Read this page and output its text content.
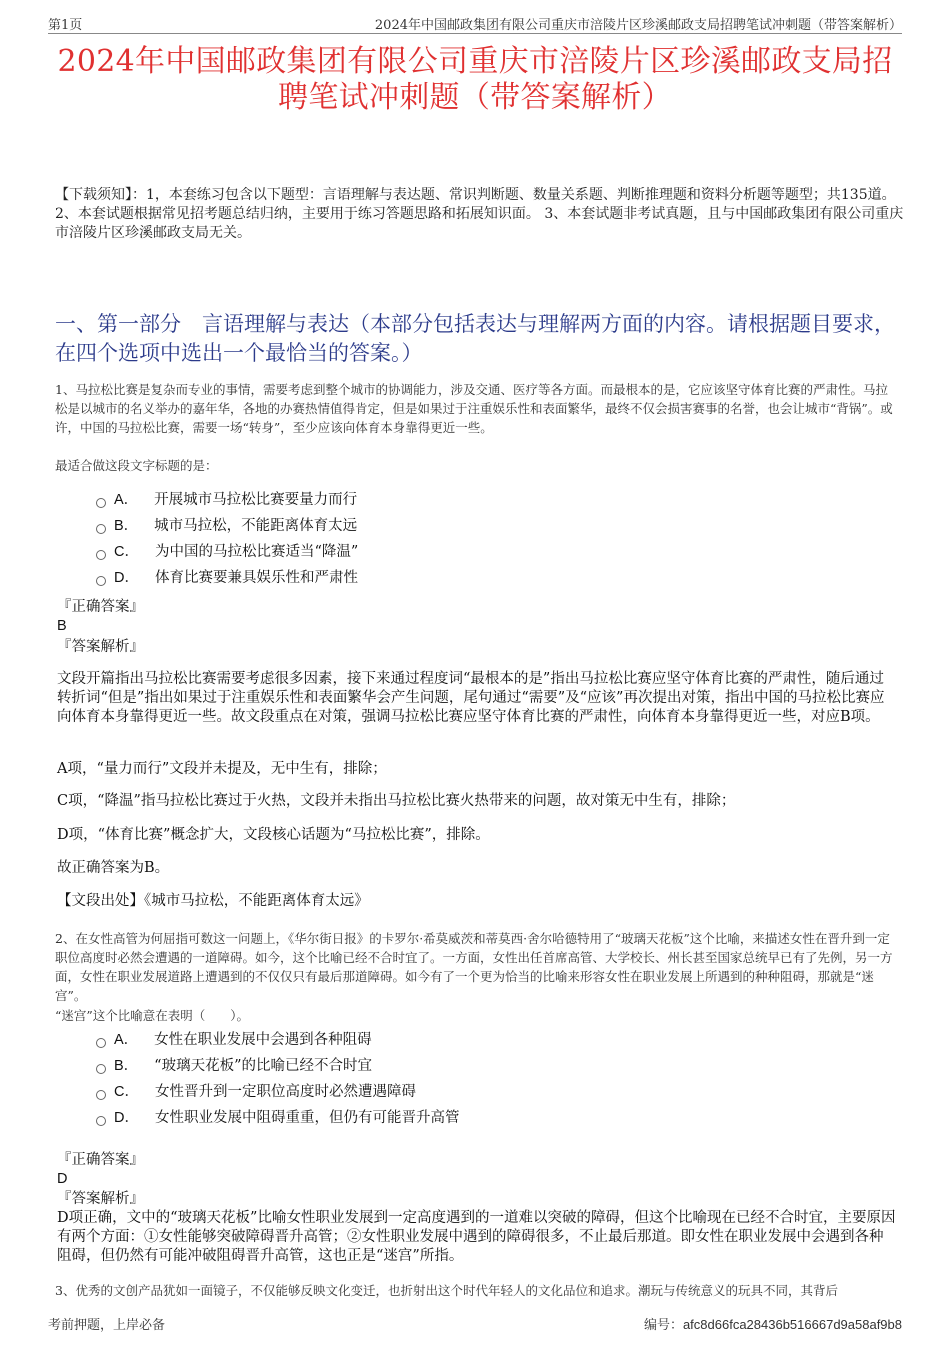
第1页	2024年中国邮政集团有限公司重庆市涪陵片区珍溪邮政支局招聘笔试冲刺题（带答案解析）
2024年中国邮政集团有限公司重庆市涪陵片区珍溪邮政支局招
聘笔试冲刺题（带答案解析）
【下载须知】：1，本套练习包含以下题型：言语理解与表达题、常识判断题、数量关系题、判断推理题和资料分析题等题型；共135道。 2、本套试题根据常见招考题总结归纳，主要用于练习答题思路和拓展知识面。 3、本套试题非考试真题，且与中国邮政集团有限公司重庆市涪陵片区珍溪邮政支局无关。
一、第一部分　言语理解与表达（本部分包括表达与理解两方面的内容。请根据题目要求，在四个选项中选出一个最恰当的答案。）
1、马拉松比赛是复杂而专业的事情，需要考虑到整个城市的协调能力，涉及交通、医疗等各方面。而最根本的是，它应该坚守体育比赛的严肃性。马拉松是以城市的名义举办的嘉年华，各地的办赛热情值得肯定，但是如果过于注重娱乐性和表面繁华，最终不仅会损害赛事的名誉，也会让城市“背锅”。或许，中国的马拉松比赛，需要一场“转身”，至少应该向体育本身靠得更近一些。
最适合做这段文字标题的是：
A． 开展城市马拉松比赛要量力而行
B． 城市马拉松，不能距离体育太远
C． 为中国的马拉松比赛适当“降温”
D． 体育比赛要兼具娱乐性和严肃性
『正确答案』
B
『答案解析』
文段开篇指出马拉松比赛需要考虑很多因素，接下来通过程度词“最根本的是”指出马拉松比赛应坚守体育比赛的严肃性，随后通过转折词“但是”指出如果过于注重娱乐性和表面繁华会产生问题，尾句通过“需要”及“应该”再次提出对策，指出中国的马拉松比赛应向体育本身靠得更近一些。故文段重点在对策，强调马拉松比赛应坚守体育比赛的严肃性，向体育本身靠得更近一些，对应B项。
A项，“量力而行”文段并未提及，无中生有，排除；
C项，“降温”指马拉松比赛过于火热，文段并未指出马拉松比赛火热带来的问题，故对策无中生有，排除；
D项，“体育比赛”概念扩大，文段核心话题为“马拉松比赛”，排除。
故正确答案为B。
【文段出处】《城市马拉松，不能距离体育太远》
2、在女性高管为何屈指可数这一问题上，《华尔街日报》的卡罗尔·希莫威茨和蒂莫西·舍尔哈德特用了“玻璃天花板”这个比喻，来描述女性在晋升到一定职位高度时必然会遭遇的一道障碍。如今，这个比喻已经不合时宜了。一方面，女性出任首席高管、大学校长、州长甚至国家总统早已有了先例，另一方面，女性在职业发展道路上遭遇到的不仅仅只有最后那道障碍。如今有了一个更为恰当的比喻来形容女性在职业发展上所遇到的种种阻碍，那就是“迷宫”。
“迷宫”这个比喻意在表明（　　）。
A． 女性在职业发展中会遇到各种阻碍
B． “玻璃天花板”的比喻已经不合时宜
C． 女性晋升到一定职位高度时必然遭遇障碍
D． 女性职业发展中阻碍重重，但仍有可能晋升高管
『正确答案』
D
『答案解析』
D项正确，文中的“玻璃天花板”比喻女性职业发展到一定高度遇到的一道难以突破的障碍，但这个比喻现在已经不合时宜，主要原因有两个方面：①女性能够突破障碍晋升高管；②女性职业发展中遇到的障碍很多，不止最后那道。即女性在职业发展中会遇到各种阻碍，但仍然有可能冲破阻碍晋升高管，这也正是“迷宫”所指。
3、优秀的文创产品犹如一面镜子，不仅能够反映文化变迁，也折射出这个时代年轻人的文化品位和追求。潮玩与传统意义的玩具不同，其背后
考前押题，上岸必备	编号：afc8d66fca28436b516667d9a58af9b8
